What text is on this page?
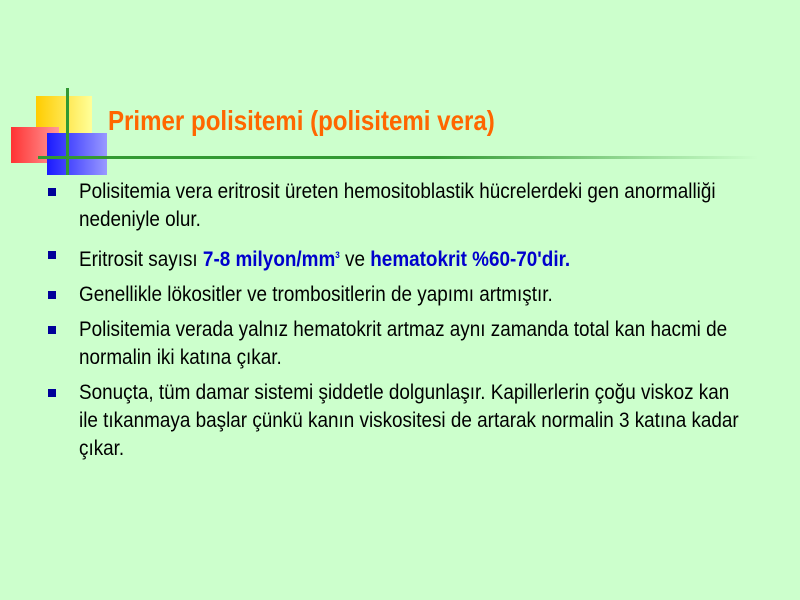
Primer polisitemi (polisitemi vera)
Polisitemia vera eritrosit üreten hemositoblastik hücrelerdeki gen anormalliği nedeniyle olur.
Eritrosit sayısı 7-8 milyon/$mm^3$ ve hematokrit %60-70'dir.
Genellikle lökositler ve trombositlerin de yapımı artmıştır.
Polisitemia verada yalnız hematokrit artmaz aynı zamanda total kan hacmi de normalin iki katına çıkar.
Sonuçta, tüm damar sistemi şiddetle dolgunlaşır. Kapillerlerin çoğu viskoz kan ile tıkanmaya başlar çünkü kanın viskositesi de artarak normalin 3 katına kadar çıkar.
